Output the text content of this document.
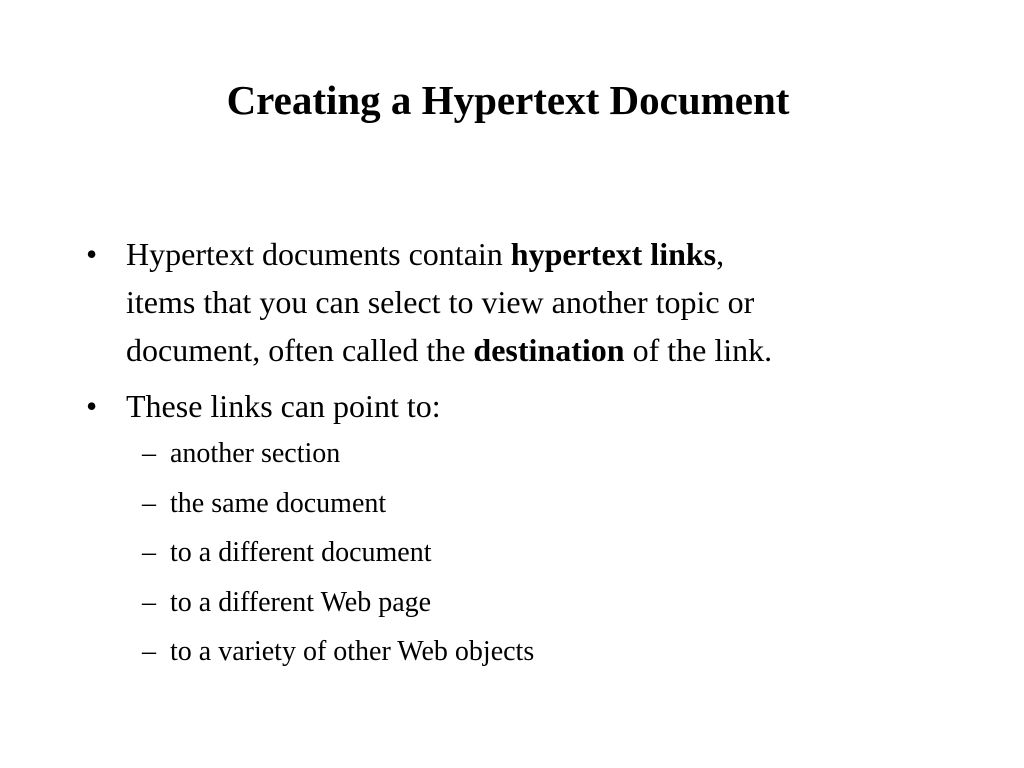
Creating a Hypertext Document
• Hypertext documents contain hypertext links,
items that you can select to view another topic or
document, often called the destination of the link.
• These links can point to:
– another section
– the same document
– to a different document
– to a different Web page
– to a variety of other Web objects
